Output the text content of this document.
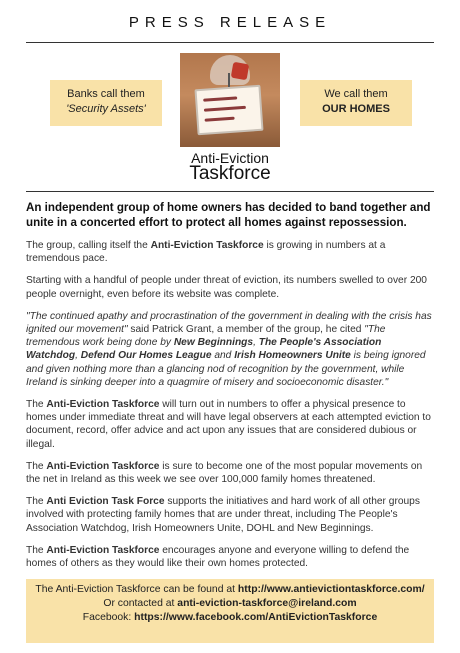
PRESS RELEASE
Banks call them
'Security Assets'
We call them
OUR HOMES
Anti-Eviction
Taskforce

An independent group of home owners has decided to band together and unite in a concerted effort to protect all homes against repossession.

The group, calling itself the Anti-Eviction Taskforce is growing in numbers at a tremendous pace.

Starting with a handful of people under threat of eviction, its numbers swelled to over 200 people overnight, even before its website was complete.

"The continued apathy and procrastination of the government in dealing with the crisis has ignited our movement" said Patrick Grant, a member of the group, he cited "The tremendous work being done by New Beginnings, The People's Association Watchdog, Defend Our Homes League and Irish Homeowners Unite is being ignored and given nothing more than a glancing nod of recognition by the government, while Ireland is sinking deeper into a quagmire of misery and socioeconomic disaster."

The Anti-Eviction Taskforce will turn out in numbers to offer a physical presence to homes under immediate threat and will have legal observers at each attempted eviction to document, record, offer advice and act upon any issues that are considered dubious or illegal.

The Anti-Eviction Taskforce is sure to become one of the most popular movements on the net in Ireland as this week we see over 100,000 family homes threatened.

The Anti Eviction Task Force supports the initiatives and hard work of all other groups involved with protecting family homes that are under threat, including The People's Association Watchdog, Irish Homeowners Unite, DOHL and New Beginnings.

The Anti-Eviction Taskforce encourages anyone and everyone willing to defend the homes of others as they would like their own homes protected.

The Anti-Eviction Taskforce can be found at http://www.antievictiontaskforce.com/
Or contacted at anti-eviction-taskforce@ireland.com
Facebook: https://www.facebook.com/AntiEvictionTaskforce
